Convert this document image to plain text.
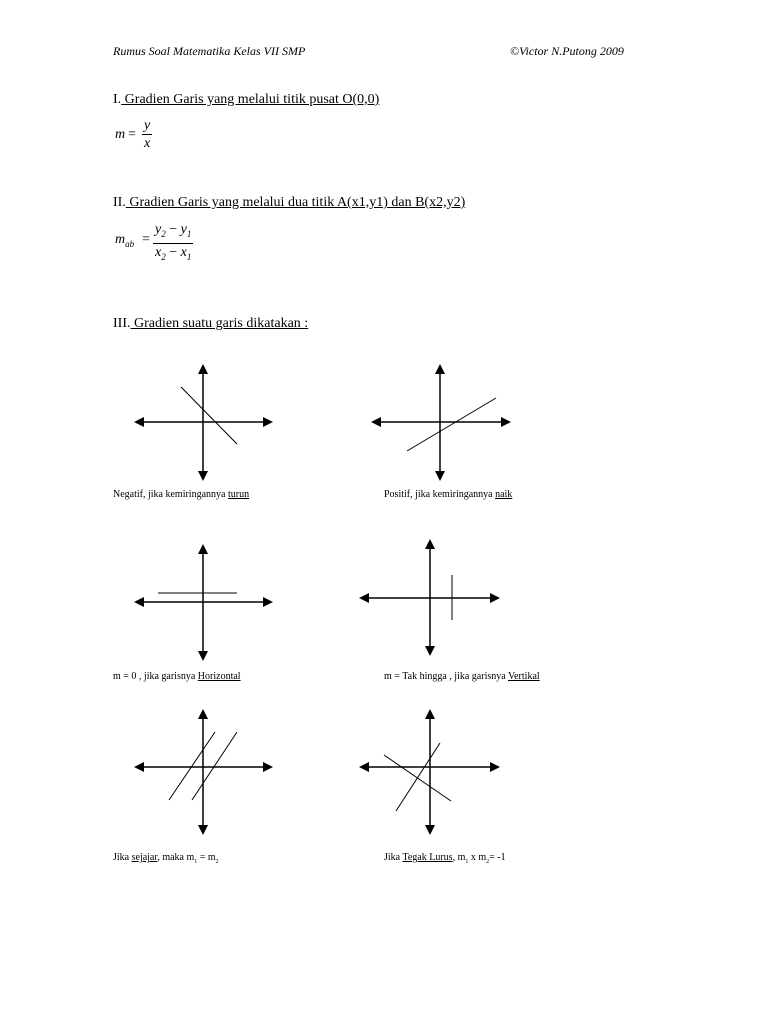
Rumus Soal Matematika Kelas VII SMP	©Victor N.Putong 2009
I. Gradien Garis yang melalui titik pusat O(0,0)
$m = \frac{y}{x}$
II. Gradien Garis yang melalui dua titik A(x1,y1) dan B(x2,y2)
$m_{ab} = \frac{y_2 - y_1}{x_2 - x_1}$
III. Gradien suatu garis dikatakan :
Negatif, jika kemiringannya turun	Positif, jika kemiringannya naik
m = 0 , jika garisnya Horizontal	m = Tak hingga , jika garisnya Vertikal
Jika sejajar, maka $m_1 = m_2$	Jika Tegak Lurus, $m_1$ x $m_2= -1$
